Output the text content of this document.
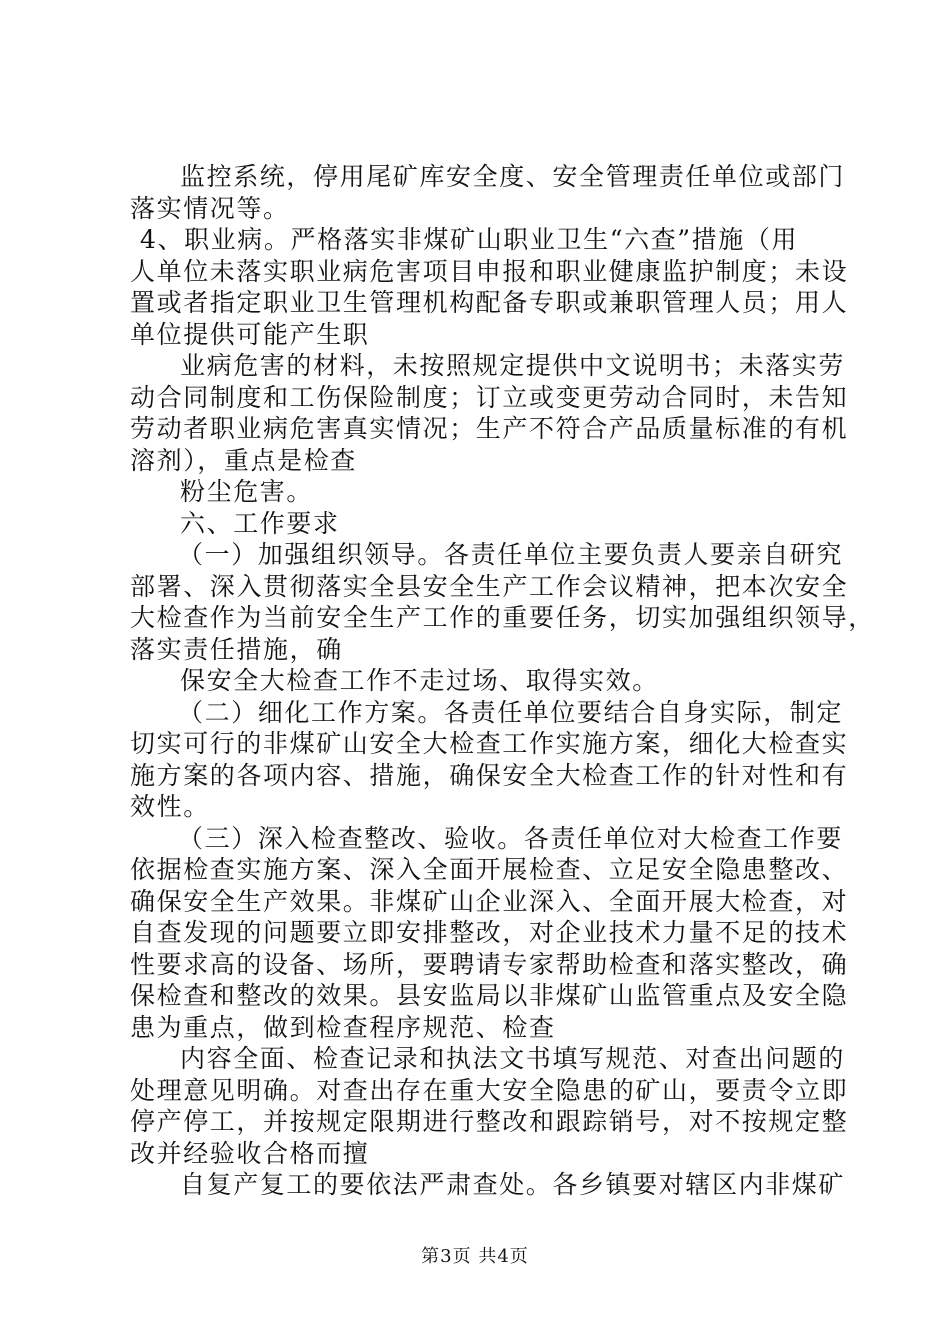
监控系统，停用尾矿库安全度、安全管理责任单位或部门
落实情况等。
4、职业病。严格落实非煤矿山职业卫生“六查”措施（用
人单位未落实职业病危害项目申报和职业健康监护制度；未设
置或者指定职业卫生管理机构配备专职或兼职管理人员；用人
单位提供可能产生职
业病危害的材料，未按照规定提供中文说明书；未落实劳
动合同制度和工伤保险制度；订立或变更劳动合同时，未告知
劳动者职业病危害真实情况；生产不符合产品质量标准的有机
溶剂），重点是检查
粉尘危害。
六、工作要求
（一）加强组织领导。各责任单位主要负责人要亲自研究
部署、深入贯彻落实全县安全生产工作会议精神，把本次安全
大检查作为当前安全生产工作的重要任务，切实加强组织领导，
落实责任措施，确
保安全大检查工作不走过场、取得实效。
（二）细化工作方案。各责任单位要结合自身实际，制定
切实可行的非煤矿山安全大检查工作实施方案，细化大检查实
施方案的各项内容、措施，确保安全大检查工作的针对性和有
效性。
（三）深入检查整改、验收。各责任单位对大检查工作要
依据检查实施方案、深入全面开展检查、立足安全隐患整改、
确保安全生产效果。非煤矿山企业深入、全面开展大检查，对
自查发现的问题要立即安排整改，对企业技术力量不足的技术
性要求高的设备、场所，要聘请专家帮助检查和落实整改，确
保检查和整改的效果。县安监局以非煤矿山监管重点及安全隐
患为重点，做到检查程序规范、检查
内容全面、检查记录和执法文书填写规范、对查出问题的
处理意见明确。对查出存在重大安全隐患的矿山，要责令立即
停产停工，并按规定限期进行整改和跟踪销号，对不按规定整
改并经验收合格而擅
自复产复工的要依法严肃查处。各乡镇要对辖区内非煤矿
第3页 共4页
